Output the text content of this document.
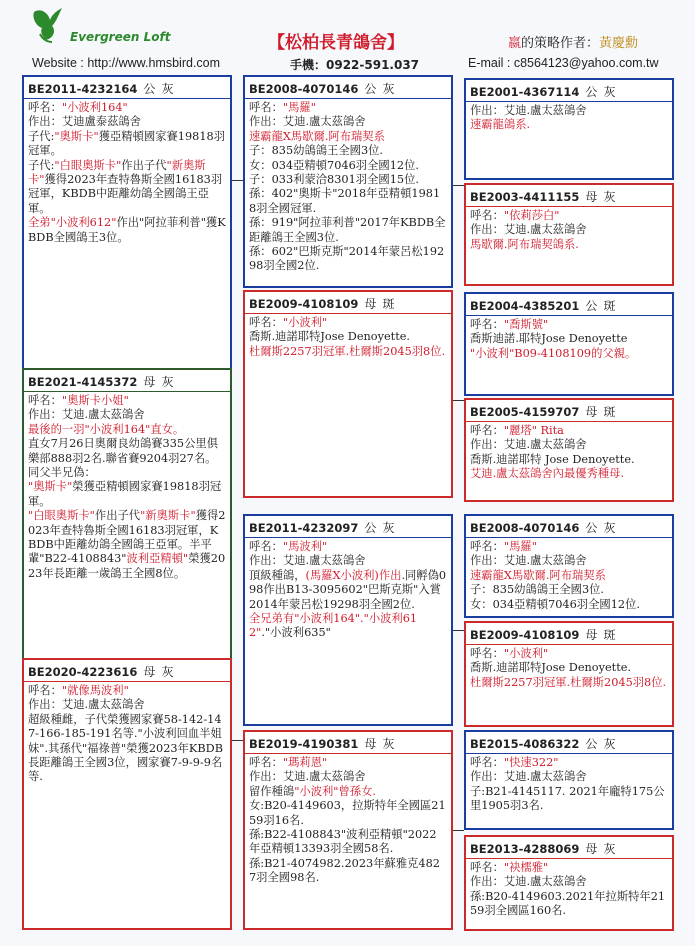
Evergreen Loft	【松柏長青鴿舍】	嬴的策略作者：黃慶勳
Website : http://www.hmsbird.com	手機：0922-591.037	E-mail : c8564123@yahoo.com.tw
BE2011-4232164 公 灰

呼名："小波利164"

作出：艾迪盧泰茲鴿舍

子代:"奧斯卡"獲亞精頓國家賽19818羽冠軍。

子代:"白眼奧斯卡"作出子代"新奧斯卡"獲得2023年查特魯斯全國16183羽冠軍，KBDB中距離幼鴿全國鴿王亞軍。

全弟"小波利612"作出"阿拉菲利普"獲KBDB全國鴿王3位。

BE2021-4145372 母 灰

呼名："奧斯卡小姐"

作出：艾迪.盧太茲鴿舍

最後的一羽"小波利164"直女。

直女7月26日奧爾良幼鴿賽335公里俱樂部888羽2名.聯省賽9204羽27名。

同父半兄偽：

"奧斯卡"榮獲亞精頓國家賽19818羽冠軍。

"白眼奧斯卡"作出子代"新奧斯卡"獲得2023年查特魯斯全國16183羽冠軍，KBDB中距離幼鴿全國鴿王亞軍。半平輩"B22-4108843"波利亞精頓"榮獲2023年長距離一歲鴿王全國8位。

BE2020-4223616 母 灰

呼名："就像馬波利"

作出：艾迪.盧太茲鴿舍

超級種雌，子代榮獲國家賽58-142-147-166-185-191名等."小波利回血半姐妹".其孫代"福祿普"榮獲2023年KBDB長距離鴿王全國3位，國家賽7-9-9-9名等.

BE2008-4070146 公 灰

呼名："馬羅"

作出：艾迪.盧太茲鴿舍

速霸龍X馬歇爾.阿布瑞契系

子：835幼鴿鴿王全國3位.

女：034亞精頓7046羽全國12位.

子：033利蒙洽8301羽全國15位.

孫：402"奧斯卡"2018年亞精頓19818羽全國冠軍.

孫：919"阿拉菲利普"2017年KBDB全距離鴿王全國3位.

孫：602"巴斯克斯"2014年蒙呂松19298羽全國2位.

BE2009-4108109 母 斑

呼名："小波利"

喬斯.迪諾耶特Jose Denoyette.

杜爾斯2257羽冠軍.杜爾斯2045羽8位.

BE2011-4232097 公 灰

呼名："馬波利"

作出：艾迪.盧太茲鴿舍

頂級種鴿，(馬羅X小波利)作出.同孵偽098作出B13-3095602"巴斯克斯"入賞2014年蒙呂松19298羽全國2位.

全兄弟有"小波利164"."小波利612"."小波利635"

BE2019-4190381 母 灰

呼名："瑪莉恩"

作出：艾迪.盧太茲鴿舍

留作種鴿"小波利"曾孫女.

女:B20-4149603，拉斯特年全國區2159羽16名.

孫:B22-4108843"波利亞精頓"2022年亞精頓13393羽全國58名.

孫:B21-4074982.2023年蘇雅克4827羽全國98名.

BE2001-4367114 公 灰

作出：艾迪.盧太茲鴿舍

速霸龍鴿系.

BE2003-4411155 母 灰

呼名："依莉莎白"

作出：艾迪.盧太茲鴿舍

馬歇爾.阿布瑞契鴿系.

BE2004-4385201 公 斑

呼名："喬斯號"

喬斯迪諾.耶特Jose Denoyette

"小波利"B09-4108109的父親。

BE2005-4159707 母 斑

呼名："麗塔" Rita

作出：艾迪.盧太茲鴿舍

喬斯.迪諾耶特 Jose Denoyette.

艾迪.盧太茲鴿舍內最優秀種母.

BE2008-4070146 公 灰

呼名："馬羅"

作出：艾迪.盧太茲鴿舍

速霸龍X馬歇爾.阿布瑞契系

子：835幼鴿鴿王全國3位.

女：034亞精頓7046羽全國12位.

BE2009-4108109 母 斑

呼名："小波利"

喬斯.迪諾耶特Jose Denoyette.

杜爾斯2257羽冠軍.杜爾斯2045羽8位.

BE2015-4086322 公 灰

呼名："快速322"

作出：艾迪.盧太茲鴿舍

子:B21-4145117. 2021年龐特175公里1905羽3名.

BE2013-4288069 母 灰

呼名："袂檽雅"

作出：艾迪.盧太茲鴿舍

孫:B20-4149603.2021年拉斯特年2159羽全國區160名.
